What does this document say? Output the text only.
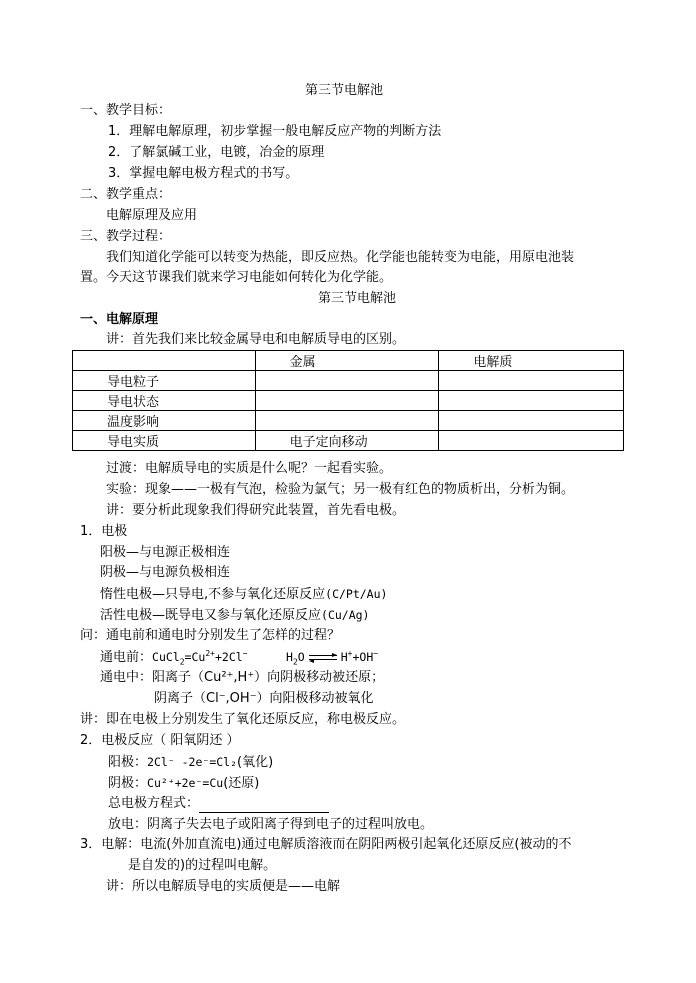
第三节电解池
一、教学目标：
1．理解电解原理，初步掌握一般电解反应产物的判断方法
2．了解氯碱工业，电镀，冶金的原理
3．掌握电解电极方程式的书写。
二、教学重点：
电解原理及应用
三、教学过程：
我们知道化学能可以转变为热能，即反应热。化学能也能转变为电能，用原电池装
置。今天这节课我们就来学习电能如何转化为化学能。
第三节电解池
一、电解原理
讲：首先我们来比较金属导电和电解质导电的区别。
	金属	电解质
导电粒子		
导电状态		
温度影响		
导电实质	电子定向移动	
过渡：电解质导电的实质是什么呢？一起看实验。
实验：现象——一极有气泡，检验为氯气；另一极有红色的物质析出，分析为铜。
讲：要分析此现象我们得研究此装置，首先看电极。
1．电极
阳极—与电源正极相连
阴极—与电源负极相连
惰性电极—只导电,不参与氧化还原反应(C/Pt/Au)
活性电极—既导电又参与氧化还原反应(Cu/Ag)
问：通电前和通电时分别发生了怎样的过程？
通电前：$CuCl_2=Cu^{2+}+2Cl^-$	$H_2O$	H++OH−
通电中：阳离子（Cu²⁺,H⁺）向阴极移动被还原；
阴离子（Cl⁻,OH⁻）向阳极移动被氧化
讲：即在电极上分别发生了氧化还原反应，称电极反应。
2．电极反应（ 阳氧阴还 ）
阳极：2Cl⁻ -2e⁻=Cl₂(氧化)
阴极：Cu²⁺+2e⁻=Cu(还原)
总电极方程式：
放电：阴离子失去电子或阳离子得到电子的过程叫放电。
3．电解：电流(外加直流电)通过电解质溶液而在阴阳两极引起氧化还原反应(被动的不
是自发的)的过程叫电解。
讲：所以电解质导电的实质便是——电解
